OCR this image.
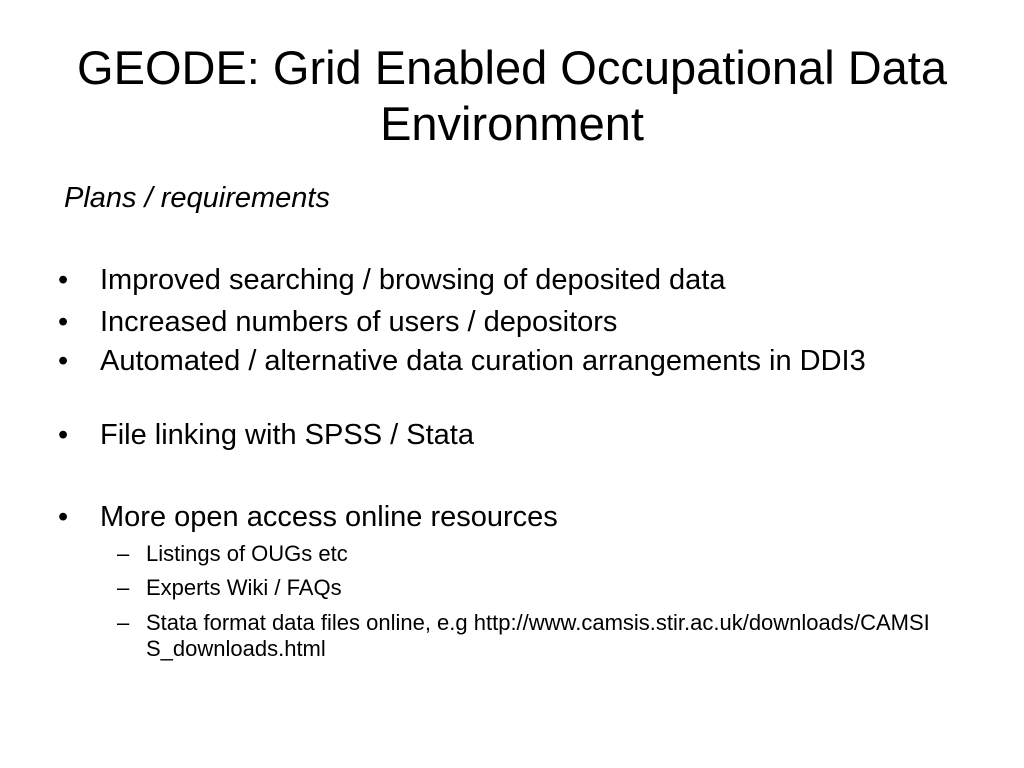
GEODE: Grid Enabled Occupational Data Environment

Plans / requirements

•	Improved searching / browsing of deposited data
•	Increased numbers of users / depositors
•	Automated / alternative data curation arrangements in DDI3
•	File linking with SPSS / Stata
•	More open access online resources
– Listings of OUGs etc
– Experts Wiki / FAQs
– Stata format data files online, e.g http://www.camsis.stir.ac.uk/downloads/CAMSIS_downloads.html
